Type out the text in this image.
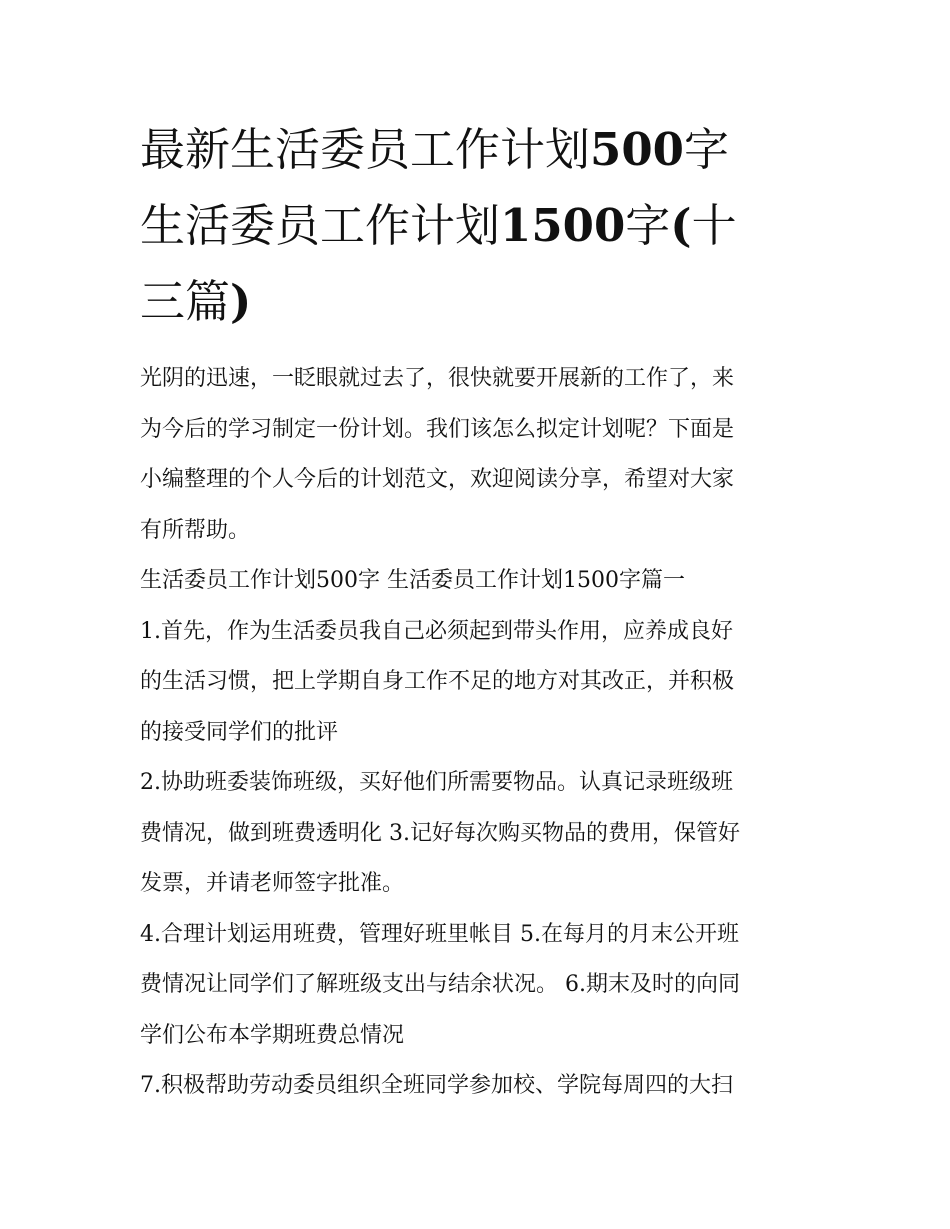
最新生活委员工作计划500字
生活委员工作计划1500字(十
三篇)
光阴的迅速，一眨眼就过去了，很快就要开展新的工作了，来
为今后的学习制定一份计划。我们该怎么拟定计划呢？下面是
小编整理的个人今后的计划范文，欢迎阅读分享，希望对大家
有所帮助。
生活委员工作计划500字 生活委员工作计划1500字篇一
1.首先，作为生活委员我自己必须起到带头作用，应养成良好
的生活习惯，把上学期自身工作不足的地方对其改正，并积极
的接受同学们的批评
2.协助班委装饰班级，买好他们所需要物品。认真记录班级班
费情况，做到班费透明化 3.记好每次购买物品的费用，保管好
发票，并请老师签字批准。
4.合理计划运用班费，管理好班里帐目 5.在每月的月末公开班
费情况让同学们了解班级支出与结余状况。 6.期末及时的向同
学们公布本学期班费总情况
7.积极帮助劳动委员组织全班同学参加校、学院每周四的大扫
